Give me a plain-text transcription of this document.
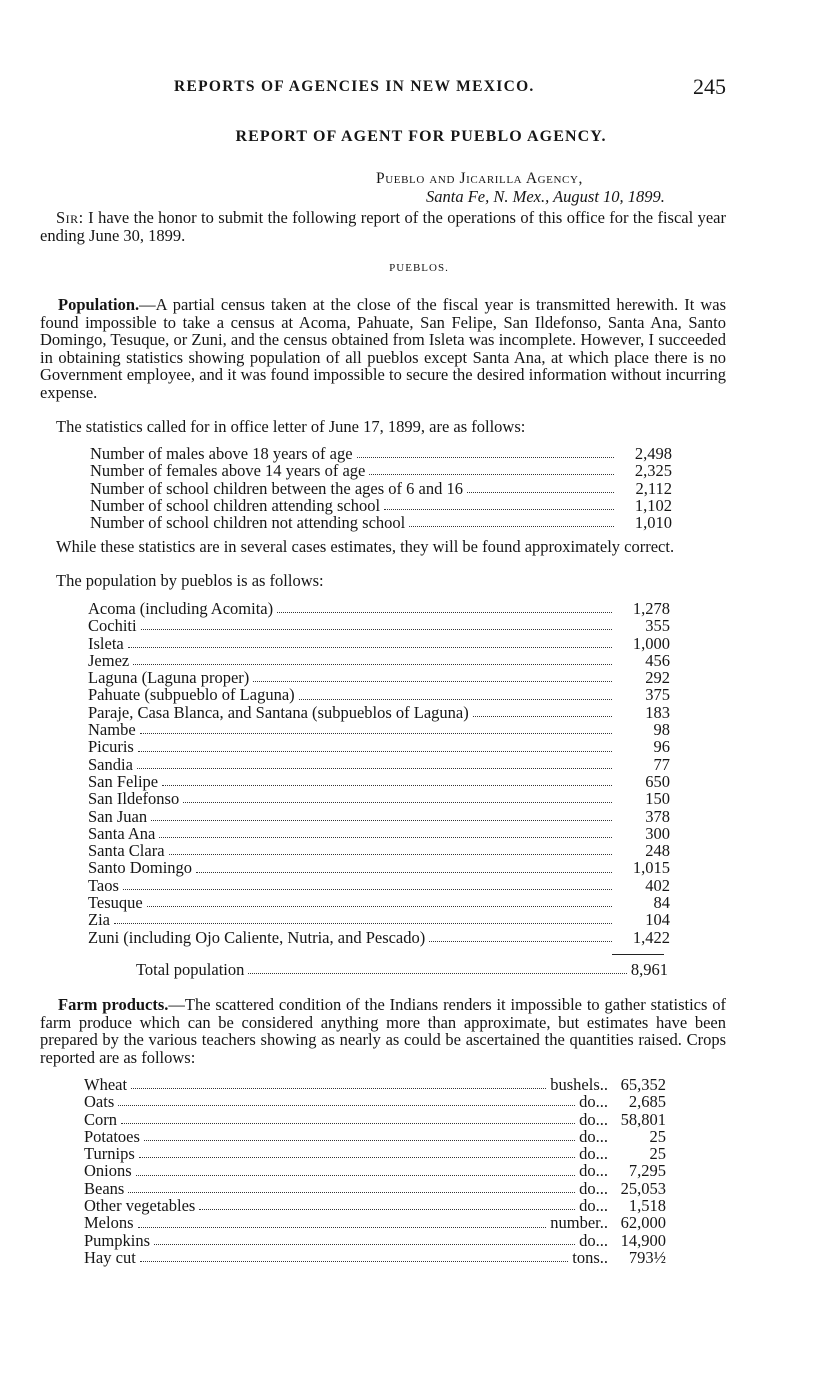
REPORTS OF AGENCIES IN NEW MEXICO.	245
REPORT OF AGENT FOR PUEBLO AGENCY.
Pueblo and Jicarilla Agency,
Santa Fe, N. Mex., August 10, 1899.

Sir: I have the honor to submit the following report of the operations of this office for the fiscal year ending June 30, 1899.

PUEBLOS.

Population.—A partial census taken at the close of the fiscal year is transmitted herewith. It was found impossible to take a census at Acoma, Pahuate, San Felipe, San Ildefonso, Santa Ana, Santo Domingo, Tesuque, or Zuni, and the census obtained from Isleta was incomplete. However, I succeeded in obtaining statistics showing population of all pueblos except Santa Ana, at which place there is no Government employee, and it was found impossible to secure the desired information without incurring expense.

The statistics called for in office letter of June 17, 1899, are as follows:

Number of males above 18 years of age	2,498
Number of females above 14 years of age	2,325
Number of school children between the ages of 6 and 16	2,112
Number of school children attending school	1,102
Number of school children not attending school	1,010

While these statistics are in several cases estimates, they will be found approximately correct.

The population by pueblos is as follows:

Acoma (including Acomita)	1,278
Cochiti	355
Isleta	1,000
Jemez	456
Laguna (Laguna proper)	292
Pahuate (subpueblo of Laguna)	375
Paraje, Casa Blanca, and Santana (subpueblos of Laguna)	183
Nambe	98
Picuris	96
Sandia	77
San Felipe	650
San Ildefonso	150
San Juan	378
Santa Ana	300
Santa Clara	248
Santo Domingo	1,015
Taos	402
Tesuque	84
Zia	104
Zuni (including Ojo Caliente, Nutria, and Pescado)	1,422
Total population	8,961

Farm products.—The scattered condition of the Indians renders it impossible to gather statistics of farm produce which can be considered anything more than approximate, but estimates have been prepared by the various teachers showing as nearly as could be ascertained the quantities raised. Crops reported are as follows:

Wheat	bushels.. 65,352
Oats	do...	2,685
Corn	do... 58,801
Potatoes	do...	25
Turnips	do...	25
Onions	do...	7,295
Beans	do... 25,053
Other vegetables	do...	1,518
Melons	number.. 62,000
Pumpkins	do... 14,900
Hay cut	tons..	793½
